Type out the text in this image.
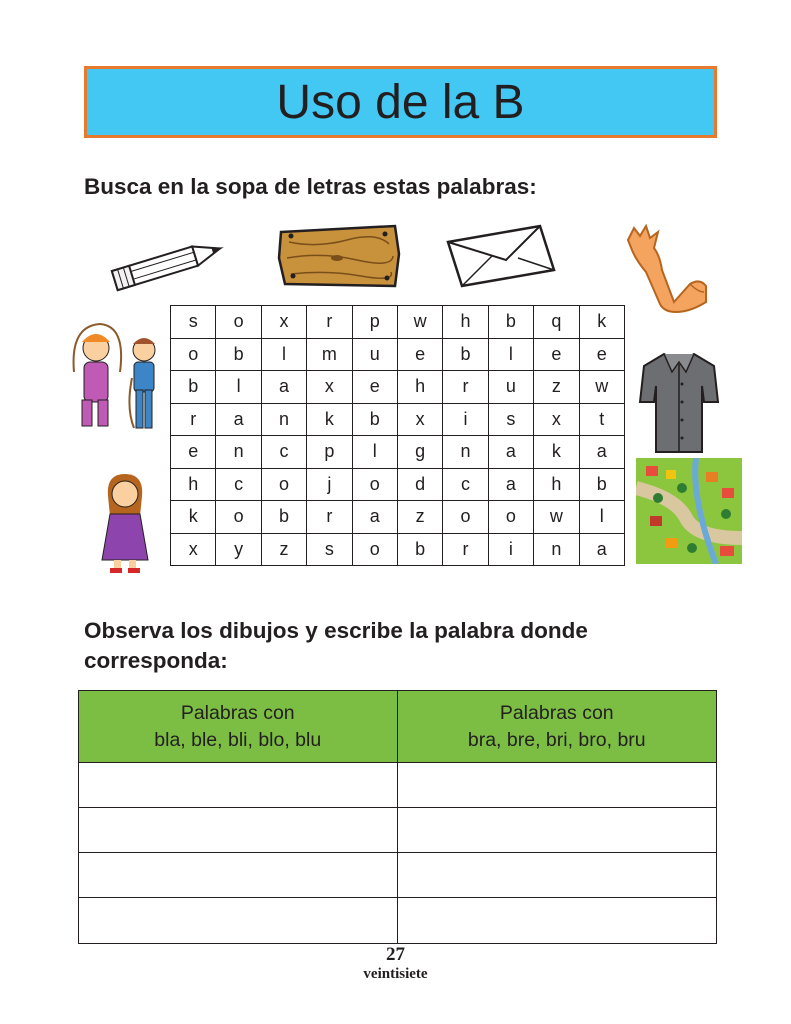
Uso de la B

Busca en la sopa de letras estas palabras:

s	o	x	r	p	w	h	b	q	k
o	b	l	m	u	e	b	l	e	e
b	l	a	x	e	h	r	u	z	w
r	a	n	k	b	x	i	s	x	t
e	n	c	p	l	g	n	a	k	a
h	c	o	j	o	d	c	a	h	b
k	o	b	r	a	z	o	o	w	l
x	y	z	s	o	b	r	i	n	a

Observa los dibujos y escribe la palabra donde corresponda:

Palabras con
bla, ble, bli, blo, blu
Palabras con
bra, bre, bri, bro, bru
27
veintisiete
